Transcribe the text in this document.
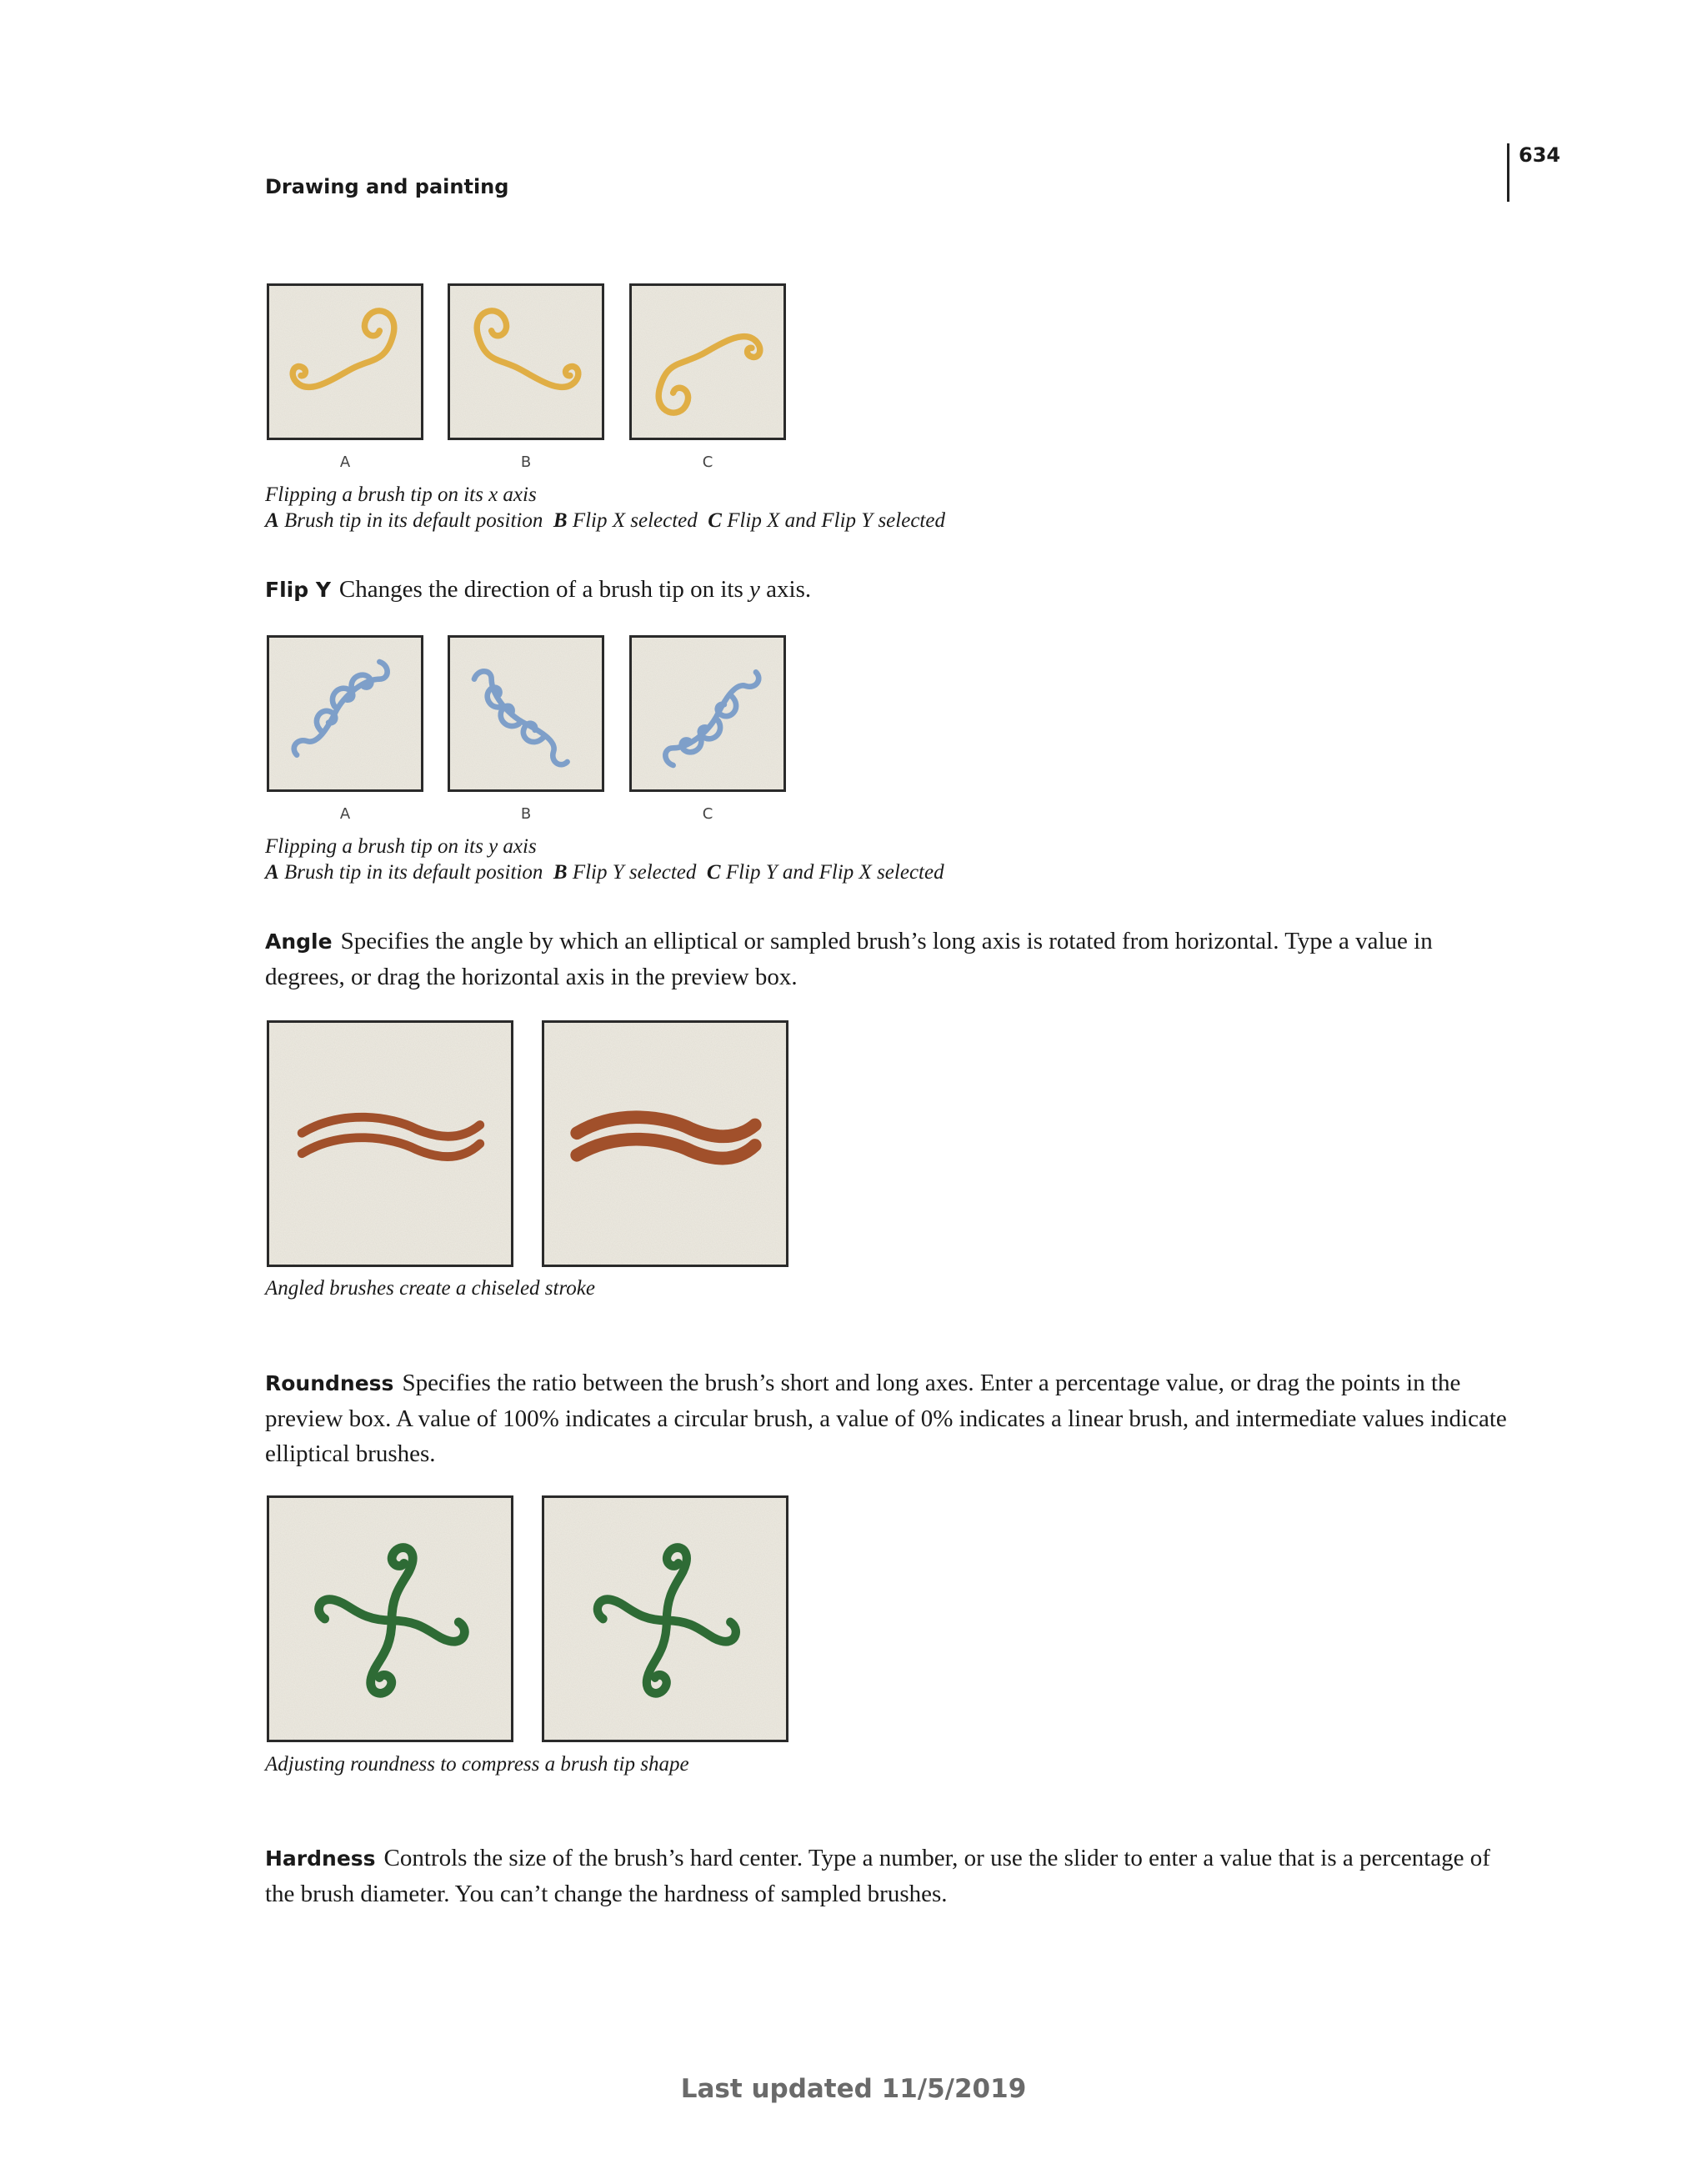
634
Drawing and painting
A	B	C
Flipping a brush tip on its x axis
A Brush tip in its default position B Flip X selected C Flip X and Flip Y selected
Flip Y Changes the direction of a brush tip on its y axis.
A	B	C
Flipping a brush tip on its y axis
A Brush tip in its default position B Flip Y selected C Flip Y and Flip X selected
Angle Specifies the angle by which an elliptical or sampled brush’s long axis is rotated from horizontal. Type a value in degrees, or drag the horizontal axis in the preview box.
Angled brushes create a chiseled stroke
Roundness Specifies the ratio between the brush’s short and long axes. Enter a percentage value, or drag the points in the preview box. A value of 100% indicates a circular brush, a value of 0% indicates a linear brush, and intermediate values indicate elliptical brushes.
Adjusting roundness to compress a brush tip shape
Hardness Controls the size of the brush’s hard center. Type a number, or use the slider to enter a value that is a percentage of the brush diameter. You can’t change the hardness of sampled brushes.
Last updated 11/5/2019
